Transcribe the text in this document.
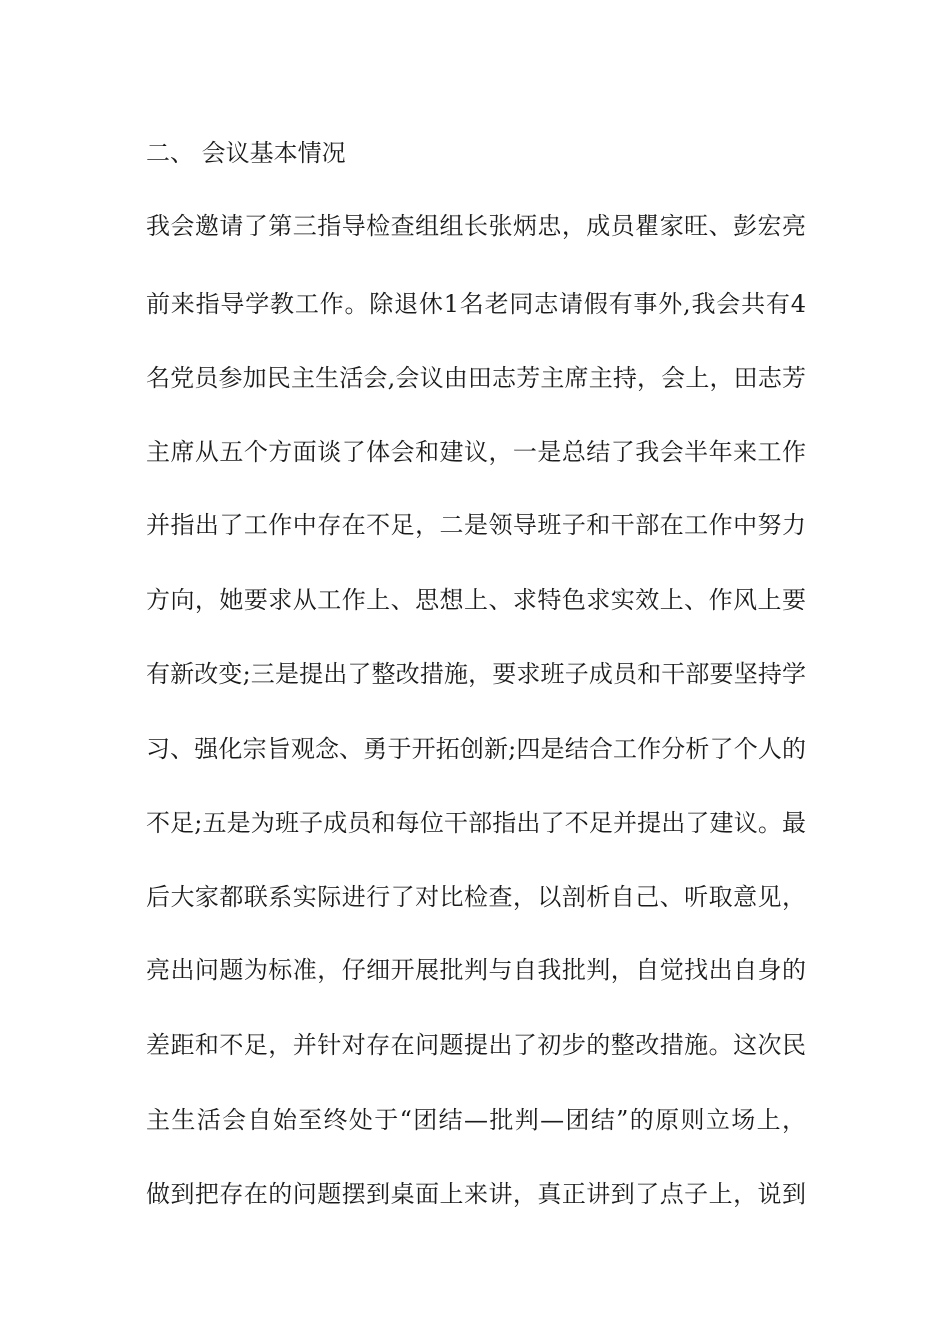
二、 会议基本情况
我会邀请了第三指导检查组组长张炳忠，成员瞿家旺、彭宏亮
前来指导学教工作。除退休1名老同志请假有事外,我会共有4
名党员参加民主生活会,会议由田志芳主席主持，会上，田志芳
主席从五个方面谈了体会和建议，一是总结了我会半年来工作
并指出了工作中存在不足，二是领导班子和干部在工作中努力
方向，她要求从工作上、思想上、求特色求实效上、作风上要
有新改变;三是提出了整改措施，要求班子成员和干部要坚持学
习、强化宗旨观念、勇于开拓创新;四是结合工作分析了个人的
不足;五是为班子成员和每位干部指出了不足并提出了建议。最
后大家都联系实际进行了对比检查，以剖析自己、听取意见，
亮出问题为标准，仔细开展批判与自我批判，自觉找出自身的
差距和不足，并针对存在问题提出了初步的整改措施。这次民
主生活会自始至终处于“团结—批判—团结”的原则立场上，
做到把存在的问题摆到桌面上来讲，真正讲到了点子上，说到
